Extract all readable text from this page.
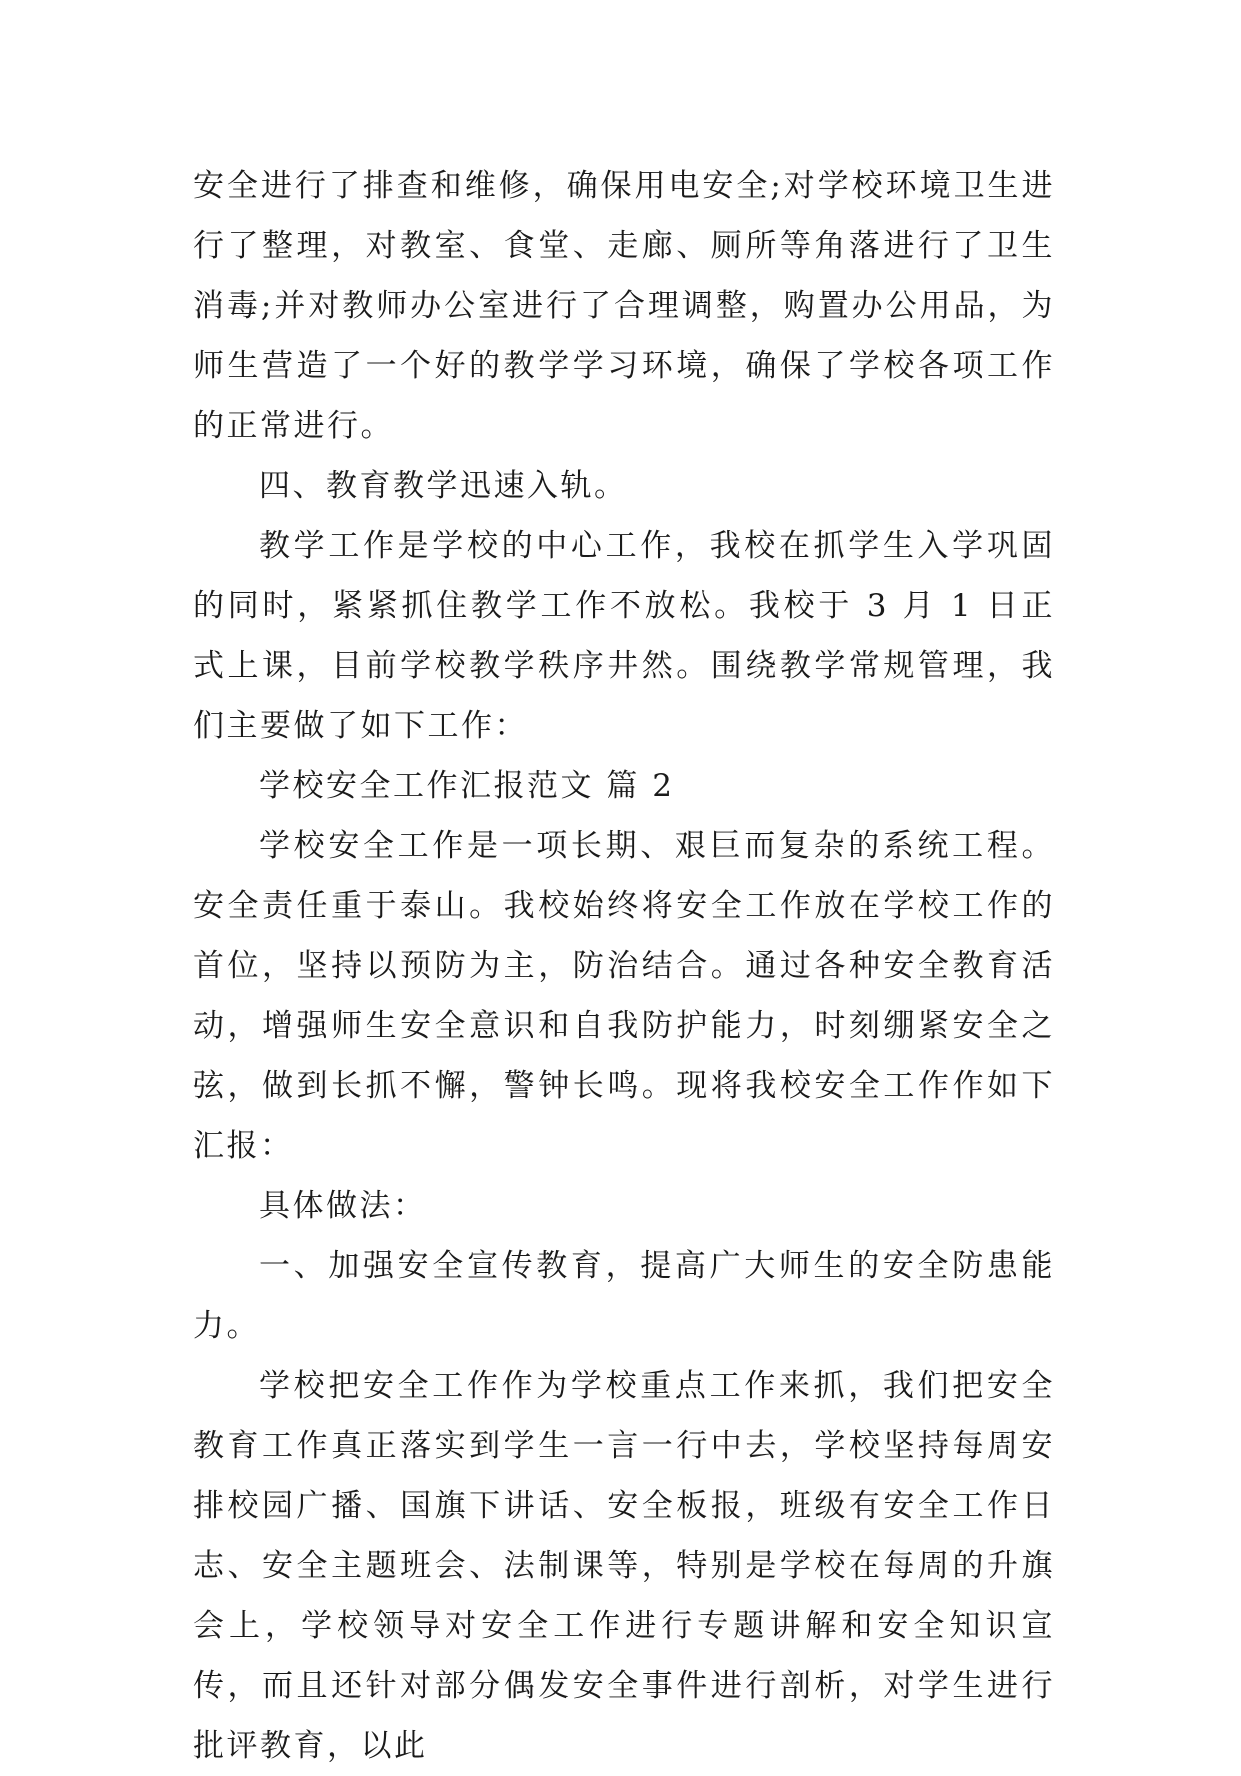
安全进行了排查和维修，确保用电安全;对学校环境卫生进行了整理，对教室、食堂、走廊、厕所等角落进行了卫生消毒;并对教师办公室进行了合理调整，购置办公用品，为师生营造了一个好的教学学习环境，确保了学校各项工作的正常进行。

四、教育教学迅速入轨。

教学工作是学校的中心工作，我校在抓学生入学巩固的同时，紧紧抓住教学工作不放松。我校于 3 月 1 日正式上课，目前学校教学秩序井然。围绕教学常规管理，我们主要做了如下工作：

学校安全工作汇报范文 篇 2

学校安全工作是一项长期、艰巨而复杂的系统工程。安全责任重于泰山。我校始终将安全工作放在学校工作的首位，坚持以预防为主，防治结合。通过各种安全教育活动，增强师生安全意识和自我防护能力，时刻绷紧安全之弦，做到长抓不懈，警钟长鸣。现将我校安全工作作如下汇报：

具体做法：

一、加强安全宣传教育，提高广大师生的安全防患能力。

学校把安全工作作为学校重点工作来抓，我们把安全教育工作真正落实到学生一言一行中去，学校坚持每周安排校园广播、国旗下讲话、安全板报，班级有安全工作日志、安全主题班会、法制课等，特别是学校在每周的升旗会上，学校领导对安全工作进行专题讲解和安全知识宣传，而且还针对部分偶发安全事件进行剖析，对学生进行批评教育，以此
